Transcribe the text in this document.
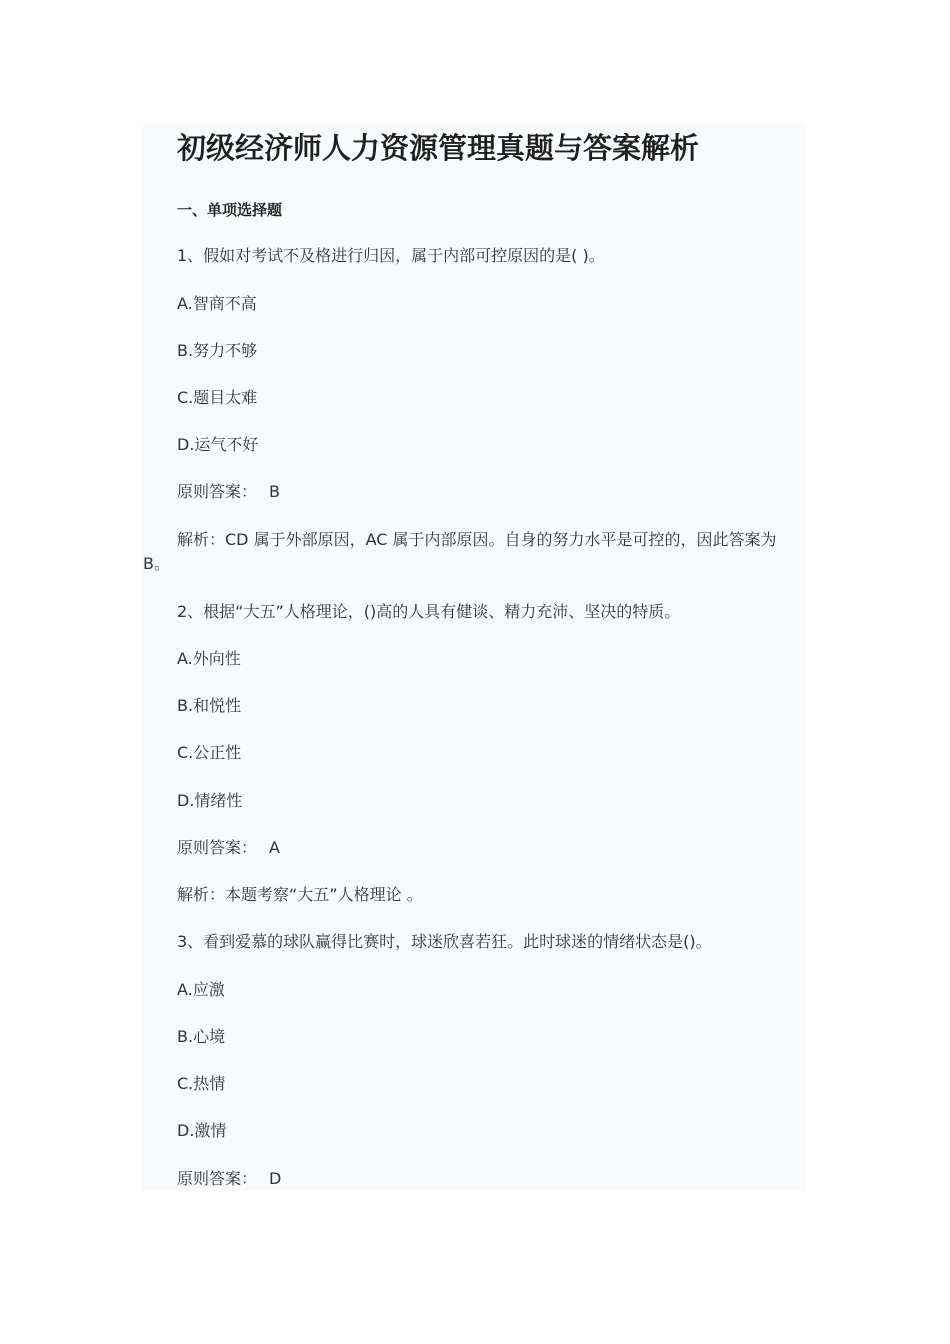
初级经济师人力资源管理真题与答案解析
一、单项选择题

1、假如对考试不及格进行归因，属于内部可控原因的是( )。

A.智商不高

B.努力不够

C.题目太难

D.运气不好

原则答案： B

解析：CD 属于外部原因，AC 属于内部原因。自身的努力水平是可控的，因此答案为 B。

2、根据“大五”人格理论，()高的人具有健谈、精力充沛、坚决的特质。

A.外向性

B.和悦性

C.公正性

D.情绪性

原则答案： A

解析：本题考察“大五”人格理论 。

3、看到爱慕的球队赢得比赛时，球迷欣喜若狂。此时球迷的情绪状态是()。

A.应激

B.心境

C.热情

D.激情

原则答案： D
